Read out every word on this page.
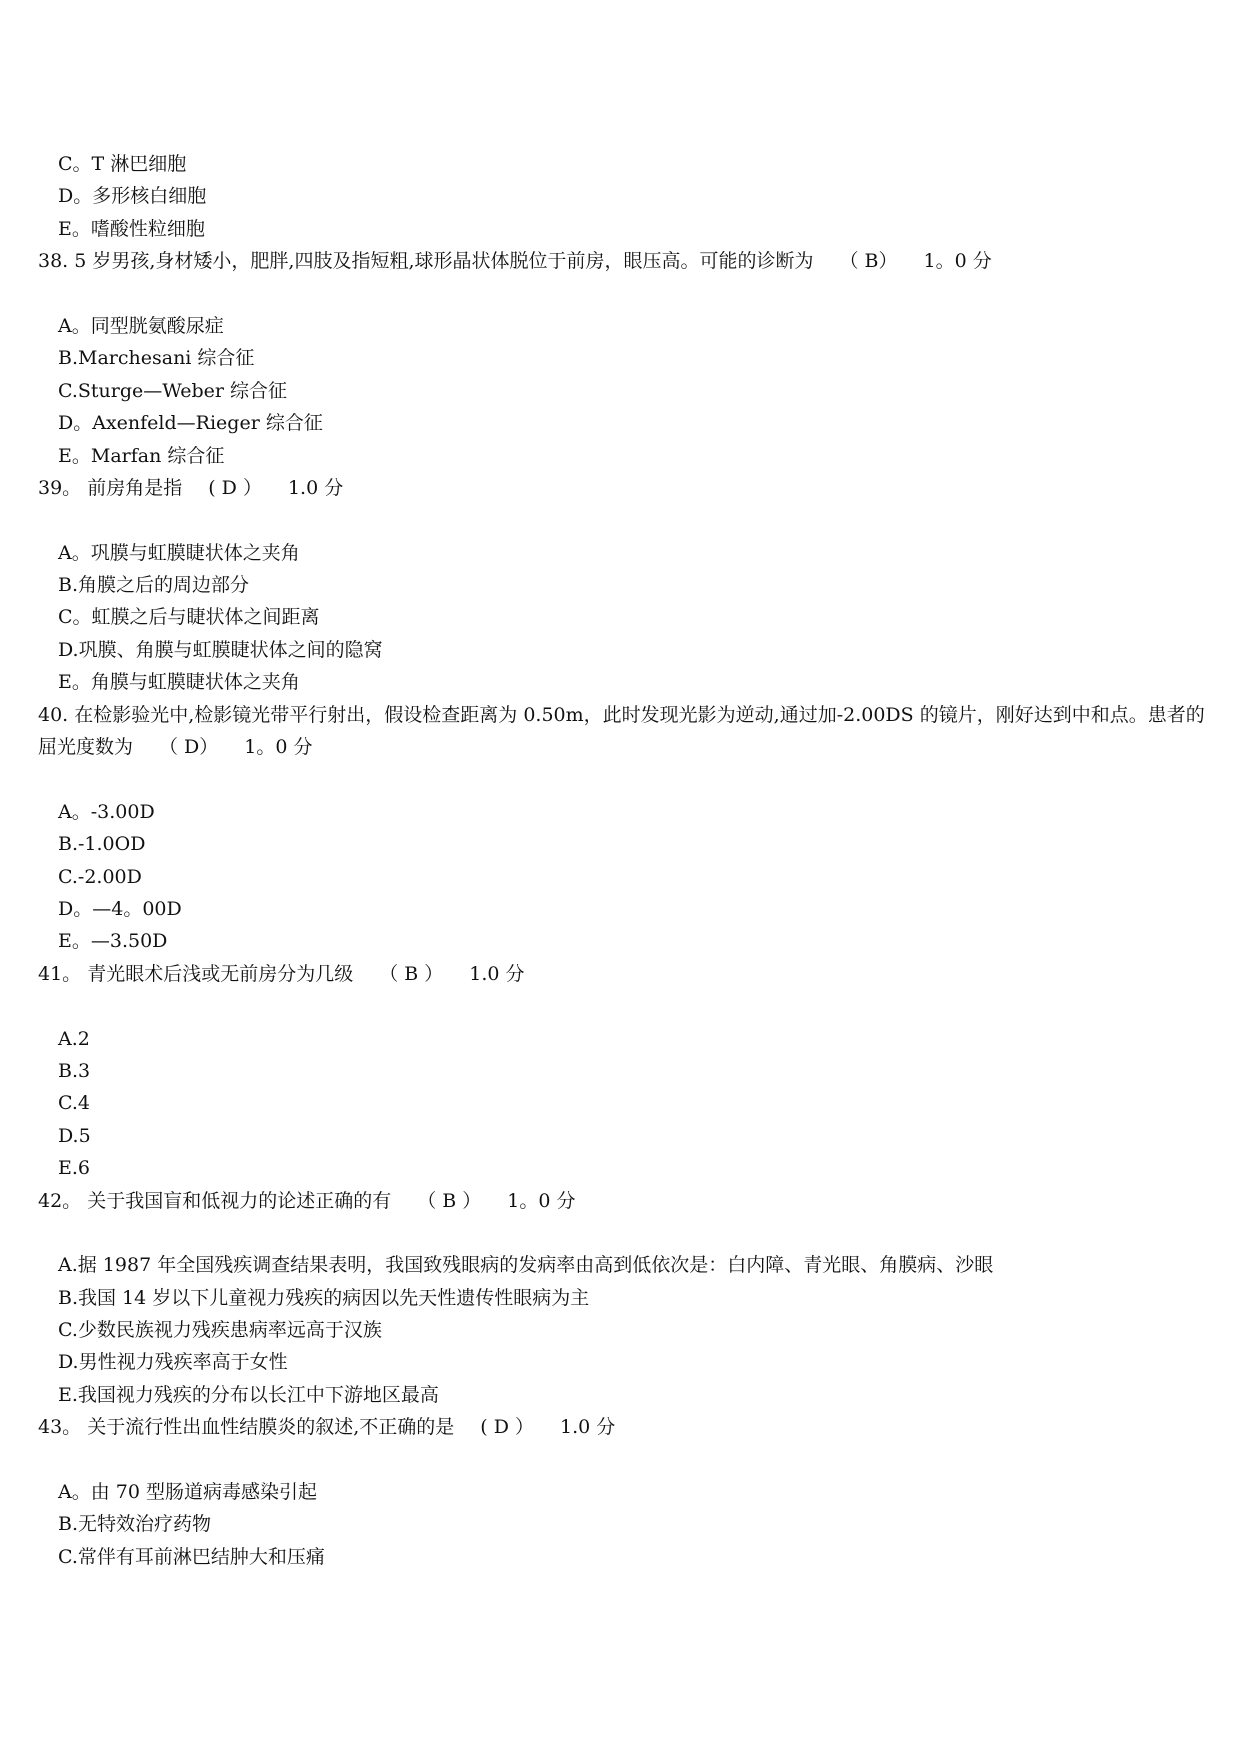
C。T 淋巴细胞
D。多形核白细胞
E。嗜酸性粒细胞
38. 5 岁男孩,身材矮小，肥胖,四肢及指短粗,球形晶状体脱位于前房，眼压高。可能的诊断为 （ B） 1。0 分
A。同型胱氨酸尿症
B.Marchesani 综合征
C.Sturge—Weber 综合征
D。Axenfeld—Rieger 综合征
E。Marfan 综合征
39。 前房角是指 ( D ） 1.0 分
A。巩膜与虹膜睫状体之夹角
B.角膜之后的周边部分
C。虹膜之后与睫状体之间距离
D.巩膜、角膜与虹膜睫状体之间的隐窝
E。角膜与虹膜睫状体之夹角
40. 在检影验光中,检影镜光带平行射出，假设检查距离为 0.50m，此时发现光影为逆动,通过加-2.00DS 的镜片，刚好达到中和点。患者的屈光度数为 （ D） 1。0 分
A。-3.00D
B.-1.0OD
C.-2.00D
D。—4。00D
E。—3.50D
41。 青光眼术后浅或无前房分为几级 （ B ） 1.0 分
A.2
B.3
C.4
D.5
E.6
42。 关于我国盲和低视力的论述正确的有 （ B ） 1。0 分
A.据 1987 年全国残疾调查结果表明，我国致残眼病的发病率由高到低依次是：白内障、青光眼、角膜病、沙眼
B.我国 14 岁以下儿童视力残疾的病因以先天性遗传性眼病为主
C.少数民族视力残疾患病率远高于汉族
D.男性视力残疾率高于女性
E.我国视力残疾的分布以长江中下游地区最高
43。 关于流行性出血性结膜炎的叙述,不正确的是 ( D ） 1.0 分
A。由 70 型肠道病毒感染引起
B.无特效治疗药物
C.常伴有耳前淋巴结肿大和压痛
